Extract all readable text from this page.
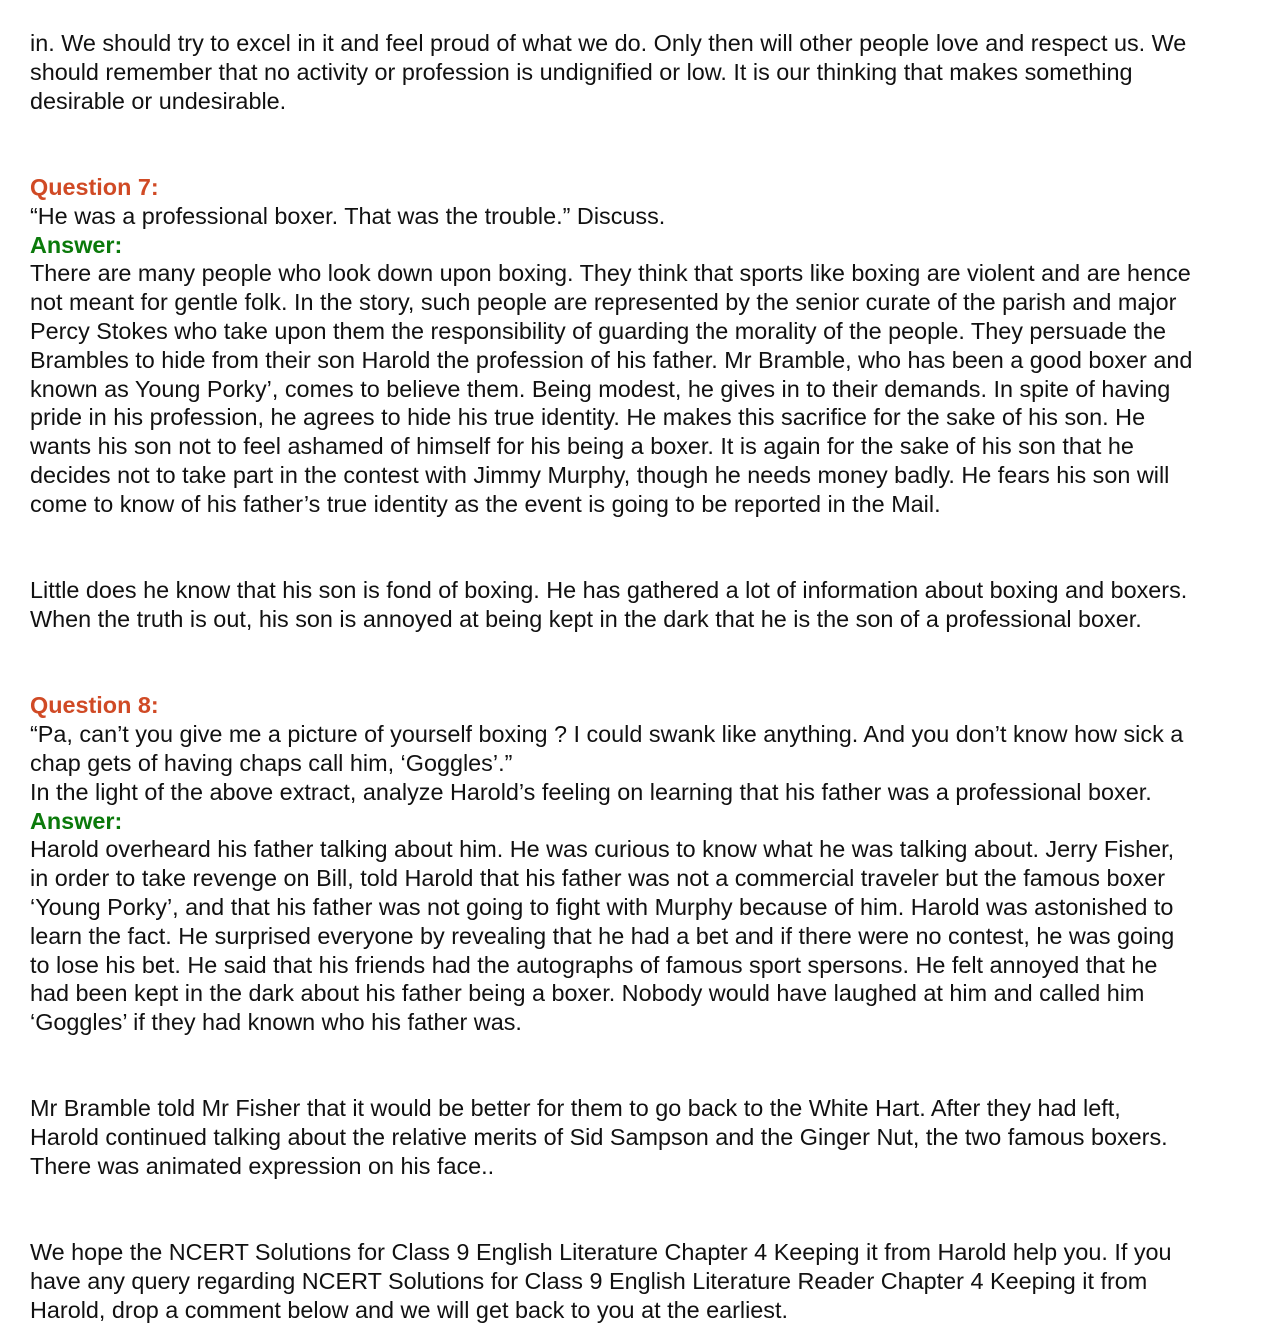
in. We should try to excel in it and feel proud of what we do. Only then will other people love and respect us. We
should remember that no activity or profession is undignified or low. It is our thinking that makes something
desirable or undesirable.

Question 7:

“He was a professional boxer. That was the trouble.” Discuss.

Answer:

There are many people who look down upon boxing. They think that sports like boxing are violent and are hence
not meant for gentle folk. In the story, such people are represented by the senior curate of the parish and major
Percy Stokes who take upon them the responsibility of guarding the morality of the people. They persuade the
Brambles to hide from their son Harold the profession of his father. Mr Bramble, who has been a good boxer and
known as Young Porky’, comes to believe them. Being modest, he gives in to their demands. In spite of having
pride in his profession, he agrees to hide his true identity. He makes this sacrifice for the sake of his son. He
wants his son not to feel ashamed of himself for his being a boxer. It is again for the sake of his son that he
decides not to take part in the contest with Jimmy Murphy, though he needs money badly. He fears his son will
come to know of his father’s true identity as the event is going to be reported in the Mail.

Little does he know that his son is fond of boxing. He has gathered a lot of information about boxing and boxers.
When the truth is out, his son is annoyed at being kept in the dark that he is the son of a professional boxer.

Question 8:

“Pa, can’t you give me a picture of yourself boxing ? I could swank like anything. And you don’t know how sick a
chap gets of having chaps call him, ‘Goggles’.”
In the light of the above extract, analyze Harold’s feeling on learning that his father was a professional boxer.

Answer:

Harold overheard his father talking about him. He was curious to know what he was talking about. Jerry Fisher,
in order to take revenge on Bill, told Harold that his father was not a commercial traveler but the famous boxer
‘Young Porky’, and that his father was not going to fight with Murphy because of him. Harold was astonished to
learn the fact. He surprised everyone by revealing that he had a bet and if there were no contest, he was going
to lose his bet. He said that his friends had the autographs of famous sport spersons. He felt annoyed that he
had been kept in the dark about his father being a boxer. Nobody would have laughed at him and called him
‘Goggles’ if they had known who his father was.

Mr Bramble told Mr Fisher that it would be better for them to go back to the White Hart. After they had left,
Harold continued talking about the relative merits of Sid Sampson and the Ginger Nut, the two famous boxers.
There was animated expression on his face..

We hope the NCERT Solutions for Class 9 English Literature Chapter 4 Keeping it from Harold help you. If you
have any query regarding NCERT Solutions for Class 9 English Literature Reader Chapter 4 Keeping it from
Harold, drop a comment below and we will get back to you at the earliest.
